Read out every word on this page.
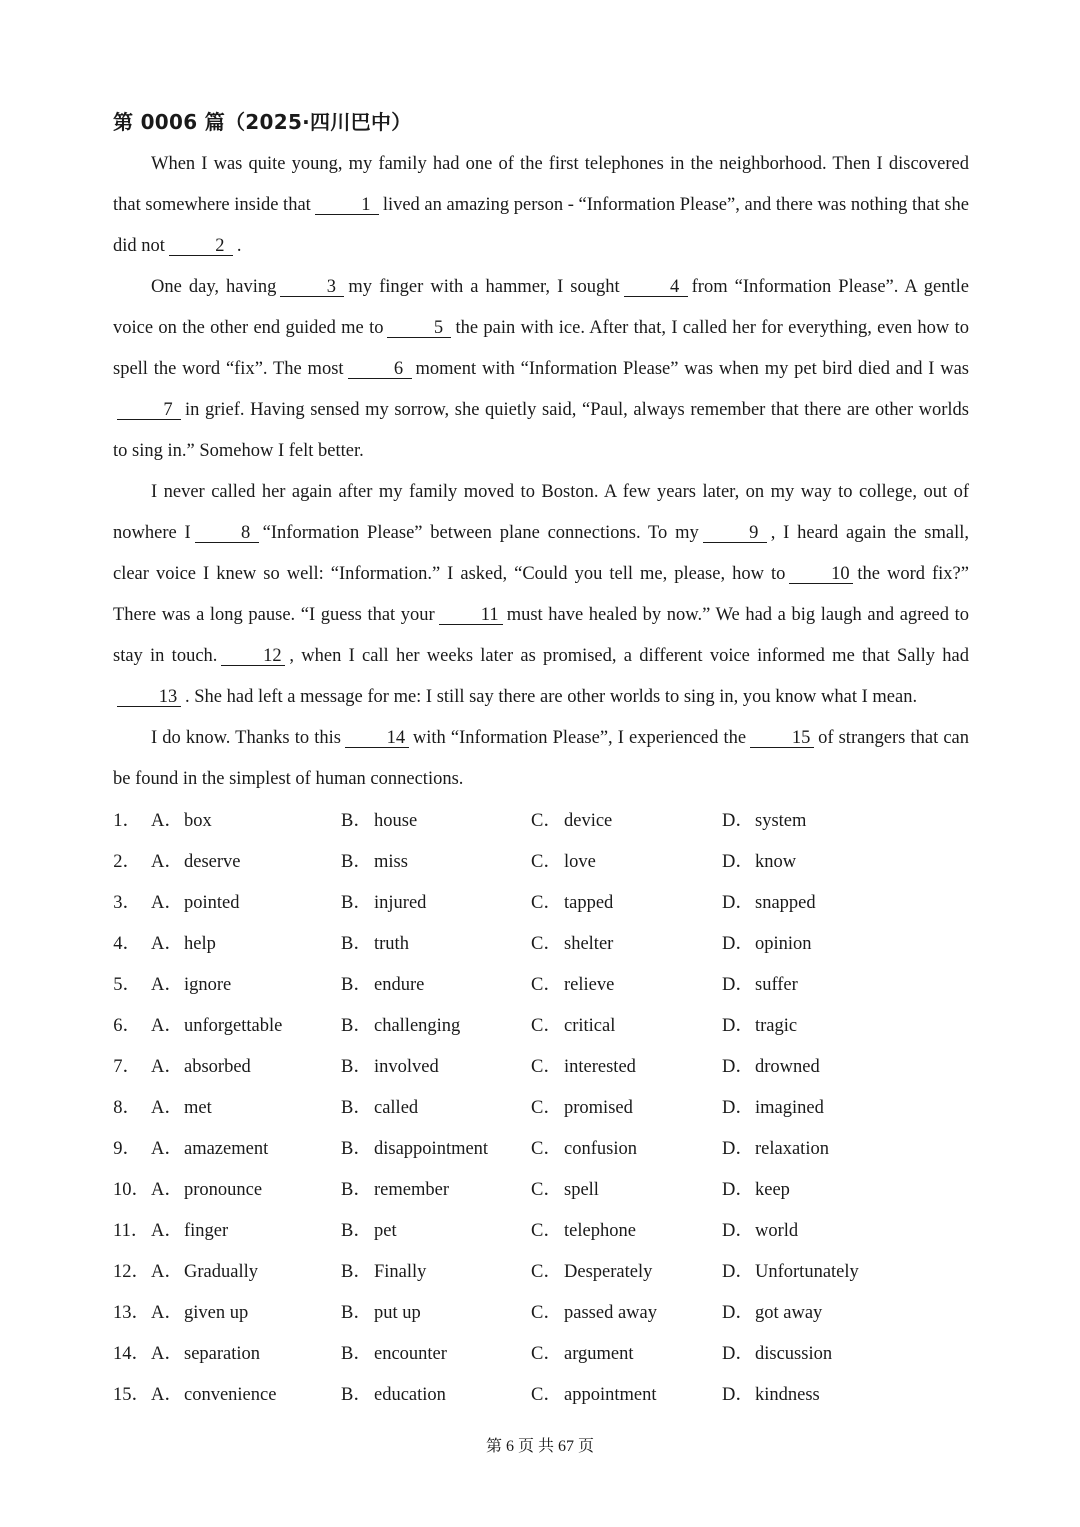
第 0006 篇（2025·四川巴中）

When I was quite young, my family had one of the first telephones in the neighborhood. Then I discovered that somewhere inside that	1 lived an amazing person - “Information Please”, and there was nothing that she did not	2 .

One day, having	3 my finger with a hammer, I sought	4 from “Information Please”. A gentle voice on the other end guided me to	5 the pain with ice. After that, I called her for everything, even how to spell the word “fix”. The most	6 moment with “Information Please” was when my pet bird died and I was7 in grief. Having sensed my sorrow, she quietly said, “Paul, always remember that there are other worlds to sing in.” Somehow I felt better.

I never called her again after my family moved to Boston. A few years later, on my way to college, out of nowhere I	8 “Information Please” between plane connections. To my	9 , I heard again the small, clear voice I knew so well: “Information.” I asked, “Could you tell me, please, how to 10 the word fix?” There was a long pause. “I guess that your 11 must have healed by now.” We had a big laugh and agreed to stay in touch. 12 , when I call her weeks later as promised, a different voice informed me that Sally had13 . She had left a message for me: I still say there are other worlds to sing in, you know what I mean.

I do know. Thanks to this 14 with “Information Please”, I experienced the 15 of strangers that can be found in the simplest of human connections.

1． A．box	B． house	C． device	D．system
2． A．deserve	B． miss	C． love	D．know
3． A．pointed	B． injured	C． tapped	D．snapped
4． A．help	B． truth	C． shelter	D．opinion
5． A．ignore	B． endure	C． relieve	D．suffer
6． A．unforgettable	B． challenging	C． critical	D．tragic
7． A．absorbed	B． involved	C． interested	D．drowned
8． A．met	B． called	C． promised	D．imagined
9． A．amazement	B． disappointment C． confusion	D．relaxation
10． A．pronounce	B． remember	C． spell	D．keep
11． A．finger	B． pet	C． telephone	D．world
12． A．Gradually	B． Finally	C． Desperately	D．Unfortunately
13． A．given up	B． put up	C． passed away	D．got away
14． A．separation	B． encounter	C． argument	D．discussion
15． A．convenience	B． education	C． appointment	D．kindness
第 6 页 共 67 页
